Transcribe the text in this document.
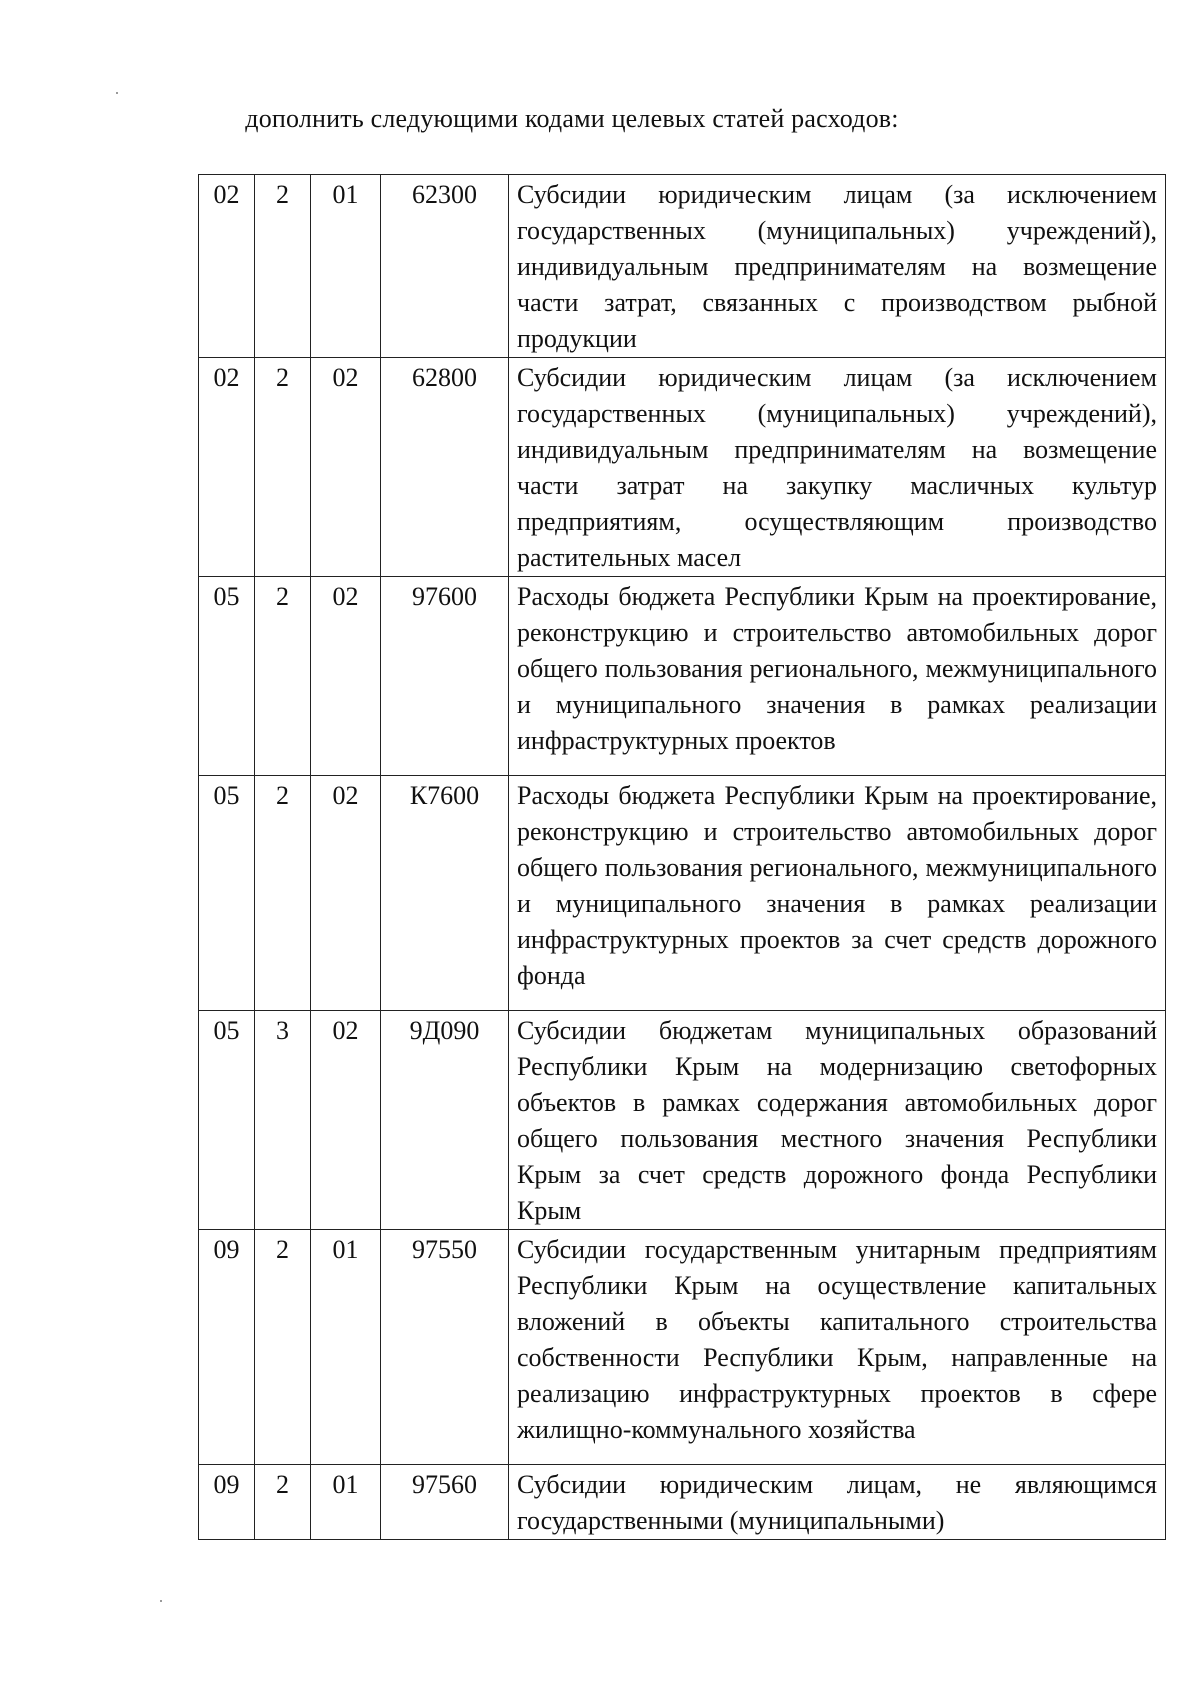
дополнить следующими кодами целевых статей расходов:
02	2	01	62300	Субсидии юридическим лицам (за исключением государственных (муниципальных) учреждений), индивидуальным предпринимателям на возмещение части затрат, связанных с производством рыбной продукции
02	2	02	62800	Субсидии юридическим лицам (за исключением государственных (муниципальных) учреждений), индивидуальным предпринимателям на возмещение части затрат на закупку масличных культур предприятиям, осуществляющим производство растительных масел
05	2	02	97600	Расходы бюджета Республики Крым на проектирование, реконструкцию и строительство автомобильных дорог общего пользования регионального, межмуниципального и муниципального значения в рамках реализации инфраструктурных проектов
05	2	02	К7600	Расходы бюджета Республики Крым на проектирование, реконструкцию и строительство автомобильных дорог общего пользования регионального, межмуниципального и муниципального значения в рамках реализации инфраструктурных проектов за счет средств дорожного фонда
05	3	02	9Д090	Субсидии бюджетам муниципальных образований Республики Крым на модернизацию светофорных объектов в рамках содержания автомобильных дорог общего пользования местного значения Республики Крым за счет средств дорожного фонда Республики Крым
09	2	01	97550	Субсидии государственным унитарным предприятиям Республики Крым на осуществление капитальных вложений в объекты капитального строительства собственности Республики Крым, направленные на реализацию инфраструктурных проектов в сфере жилищно-коммунального хозяйства
09	2	01	97560	Субсидии юридическим лицам, не являющимся государственными (муниципальными)
